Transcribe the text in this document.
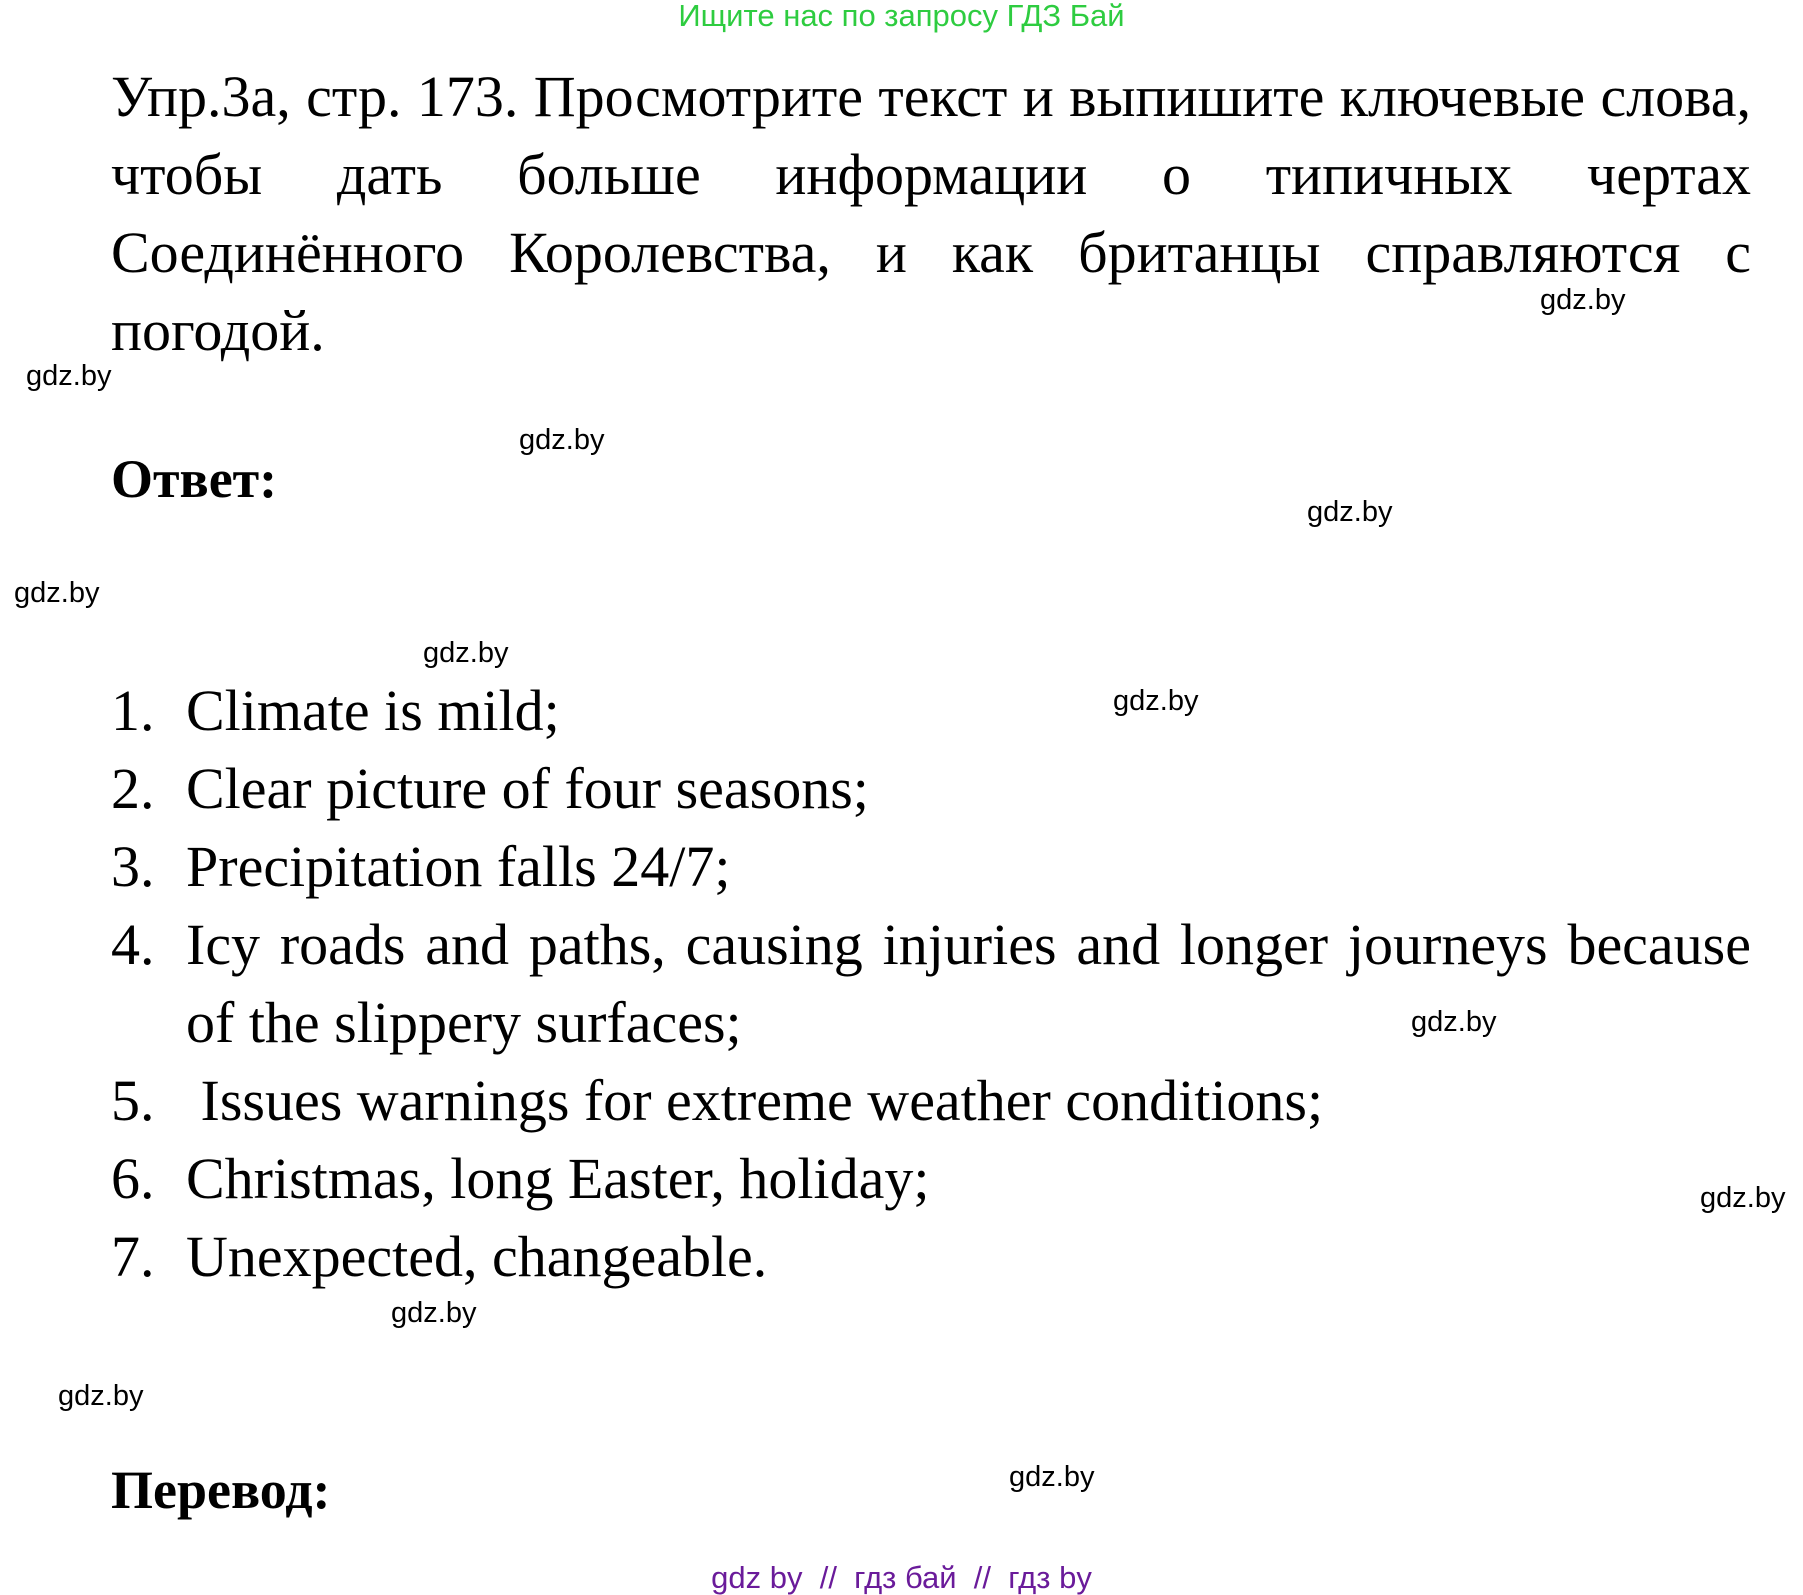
Ищите нас по запросу ГДЗ Бай

Упр.3а, стр. 173. Просмотрите текст и выпишите ключевые слова, чтобы дать больше информации о типичных чертах Соединённого Королевства, и как британцы справляются с погодой.

Ответ:
1. Climate is mild;
2. Clear picture of four seasons;
3. Precipitation falls 24/7;
4. Icy roads and paths, causing injuries and longer journeys because of the slippery surfaces;
5. Issues warnings for extreme weather conditions;
6. Christmas, long Easter, holiday;
7. Unexpected, changeable.
Перевод:
gdz.by
gdz.by
gdz.by
gdz.by
gdz.by
gdz.by
gdz.by
gdz.by
gdz.by
gdz.by
gdz.by
gdz.by
gdz by  //  гдз бай  //  гдз by
